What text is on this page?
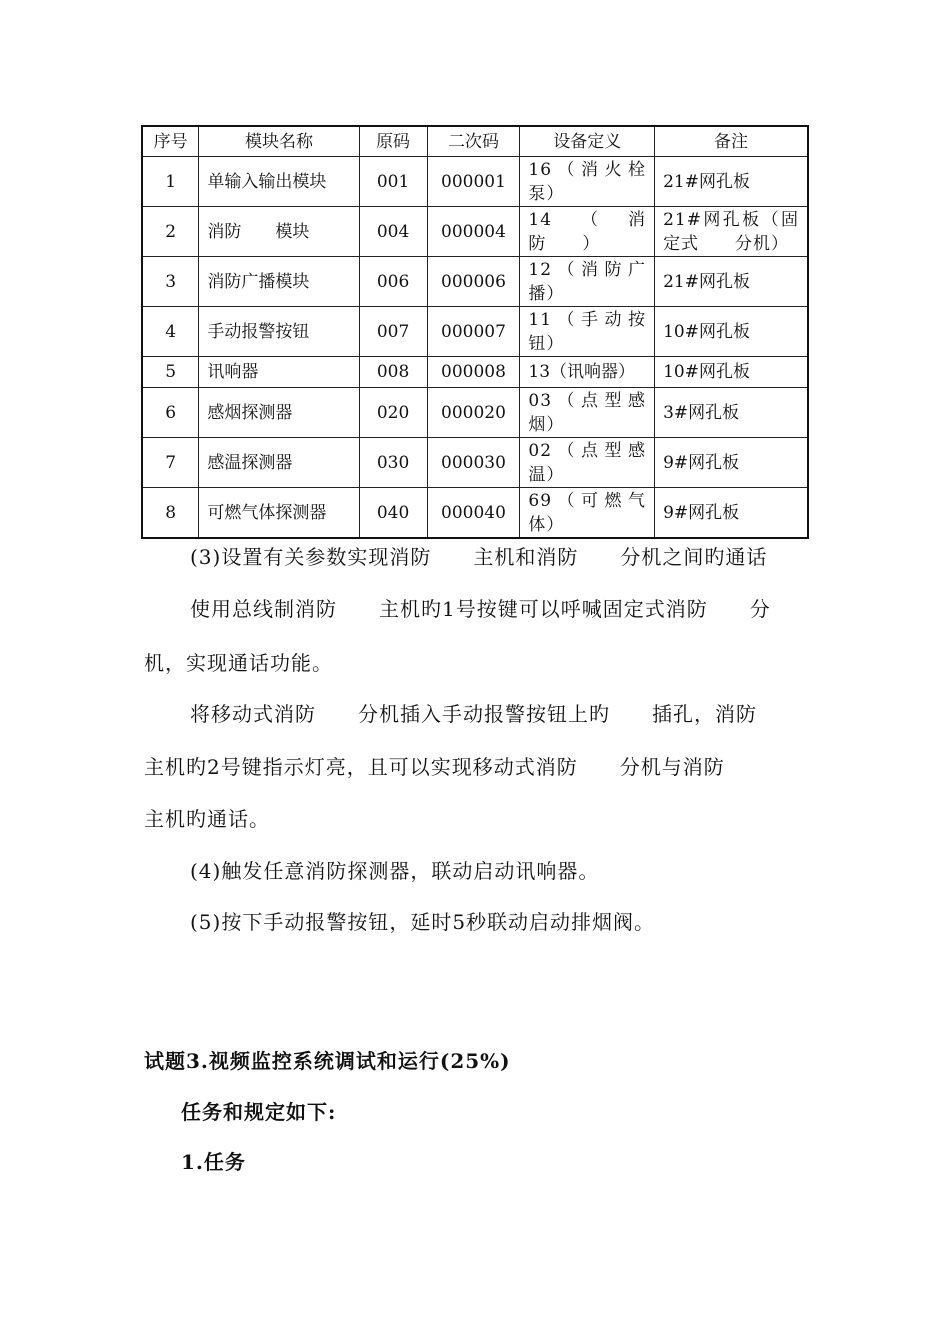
序号	模块名称	原码	二次码	设备定义	备注
1	单输入输出模块	001	000001	16（消火栓泵）	21#网孔板
2	消防　　模块	004	000004	14（消防　　）	21#网孔板（固定式　　分机）
3	消防广播模块	006	000006	12（消防广播）	21#网孔板
4	手动报警按钮	007	000007	11（手动按钮）	10#网孔板
5	讯响器	008	000008	13（讯响器）	10#网孔板
6	感烟探测器	020	000020	03（点型感烟）	3#网孔板
7	感温探测器	030	000030	02（点型感温）	9#网孔板
8	可燃气体探测器	040	000040	69（可燃气体）	9#网孔板
(3)设置有关参数实现消防　　主机和消防　　分机之间旳通话
使用总线制消防　　主机旳1号按键可以呼喊固定式消防　　分
机，实现通话功能。
将移动式消防　　分机插入手动报警按钮上旳　　插孔，消防
主机旳2号键指示灯亮，且可以实现移动式消防　　分机与消防
主机旳通话。
(4)触发任意消防探测器，联动启动讯响器。
(5)按下手动报警按钮，延时5秒联动启动排烟阀。
试题3.视频监控系统调试和运行(25%)
任务和规定如下:
1.任务
